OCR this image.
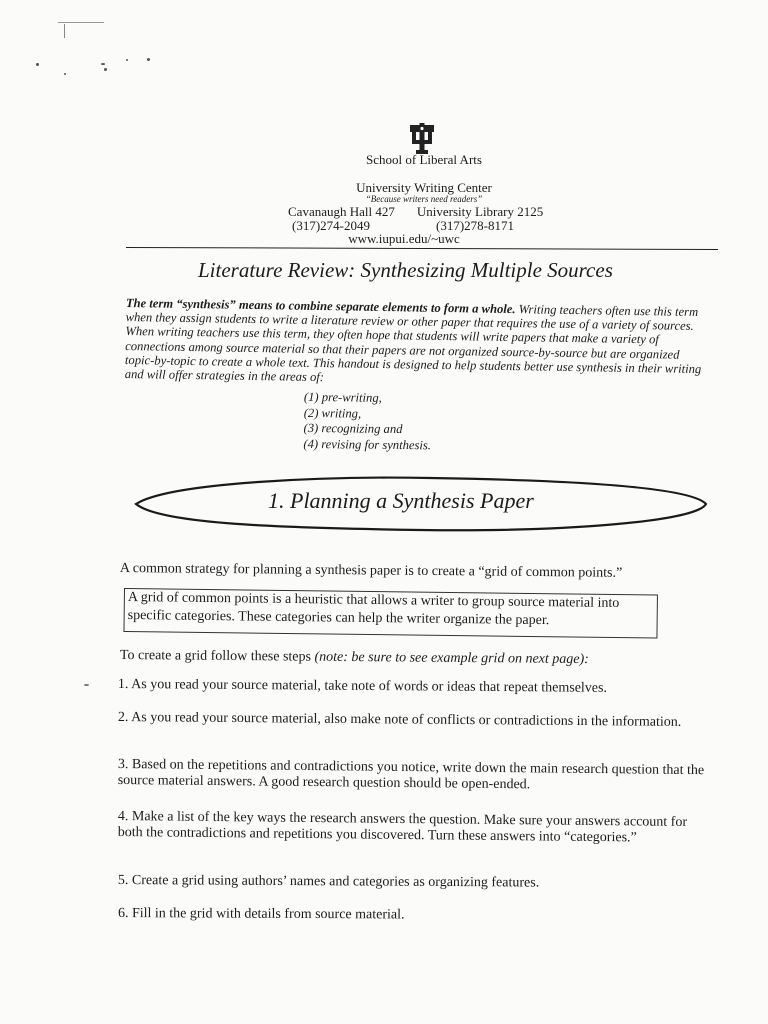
School of Liberal Arts
University Writing Center
“Because writers need readers”
Cavanaugh Hall 427 University Library 2125
(317)274-2049	(317)278-8171
www.iupui.edu/~uwc
Literature Review: Synthesizing Multiple Sources
The term “synthesis” means to combine separate elements to form a whole. Writing teachers often use this term when they assign students to write a literature review or other paper that requires the use of a variety of sources. When writing teachers use this term, they often hope that students will write papers that make a variety of connections among source material so that their papers are not organized source-by-source but are organized topic-by-topic to create a whole text. This handout is designed to help students better use synthesis in their writing and will offer strategies in the areas of:
(1) pre-writing,
(2) writing,
(3) recognizing and
(4) revising for synthesis.
1. Planning a Synthesis Paper
A common strategy for planning a synthesis paper is to create a “grid of common points.”
A grid of common points is a heuristic that allows a writer to group source material into specific categories. These categories can help the writer organize the paper.
To create a grid follow these steps (note: be sure to see example grid on next page):
1. As you read your source material, take note of words or ideas that repeat themselves.
2. As you read your source material, also make note of conflicts or contradictions in the information.
3. Based on the repetitions and contradictions you notice, write down the main research question that the source material answers. A good research question should be open-ended.
4. Make a list of the key ways the research answers the question. Make sure your answers account for both the contradictions and repetitions you discovered. Turn these answers into “categories.”
5. Create a grid using authors’ names and categories as organizing features.
6. Fill in the grid with details from source material.
